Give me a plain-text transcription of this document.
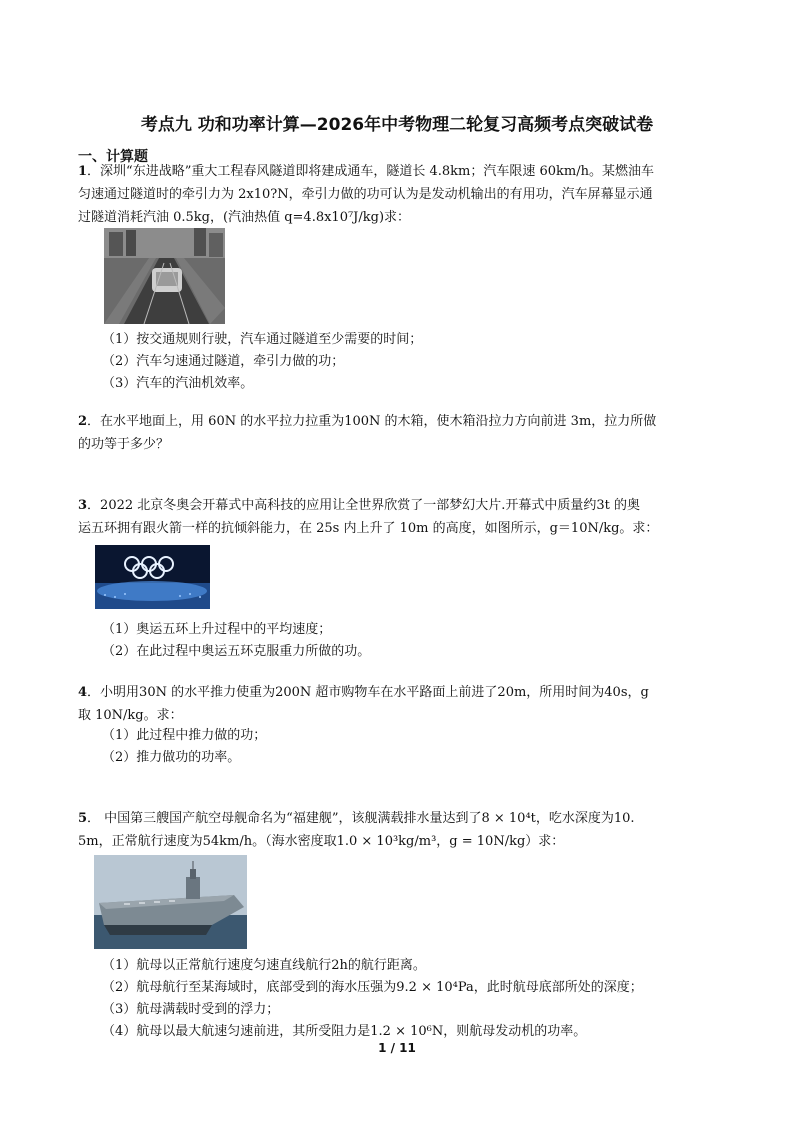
考点九 功和功率计算—2026年中考物理二轮复习高频考点突破试卷
一、计算题
1．深圳“东进战略”重大工程春风隧道即将建成通车，隧道长 4.8km；汽车限速 60km/h。某燃油车
匀速通过隧道时的牵引力为 2x10?N，牵引力做的功可认为是发动机输出的有用功，汽车屏幕显示通
过隧道消耗汽油 0.5kg，(汽油热值 q=4.8x10⁷J/kg)求：
（1）按交通规则行驶，汽车通过隧道至少需要的时间；
（2）汽车匀速通过隧道，牵引力做的功；
（3）汽车的汽油机效率。
2．在水平地面上，用 60N 的水平拉力拉重为100N 的木箱，使木箱沿拉力方向前进 3m，拉力所做
的功等于多少？
3．2022 北京冬奥会开幕式中高科技的应用让全世界欣赏了一部梦幻大片.开幕式中质量约3t 的奥
运五环拥有跟火箭一样的抗倾斜能力，在 25s 内上升了 10m 的高度，如图所示，g＝10N/kg。求：
（1）奥运五环上升过程中的平均速度；
（2）在此过程中奥运五环克服重力所做的功。
4．小明用30N 的水平推力使重为200N 超市购物车在水平路面上前进了20m，所用时间为40s，g
取 10N/kg。求：
（1）此过程中推力做的功；
（2）推力做功的功率。
5． 中国第三艘国产航空母舰命名为“福建舰”，该舰满载排水量达到了8 × 10⁴t，吃水深度为10.
5m，正常航行速度为54km/h。（海水密度取1.0 × 10³kg/m³，g = 10N/kg）求：
（1）航母以正常航行速度匀速直线航行2h的航行距离。
（2）航母航行至某海域时，底部受到的海水压强为9.2 × 10⁴Pa，此时航母底部所处的深度；
（3）航母满载时受到的浮力；
（4）航母以最大航速匀速前进，其所受阻力是1.2 × 10⁶N，则航母发动机的功率。
1 / 11
